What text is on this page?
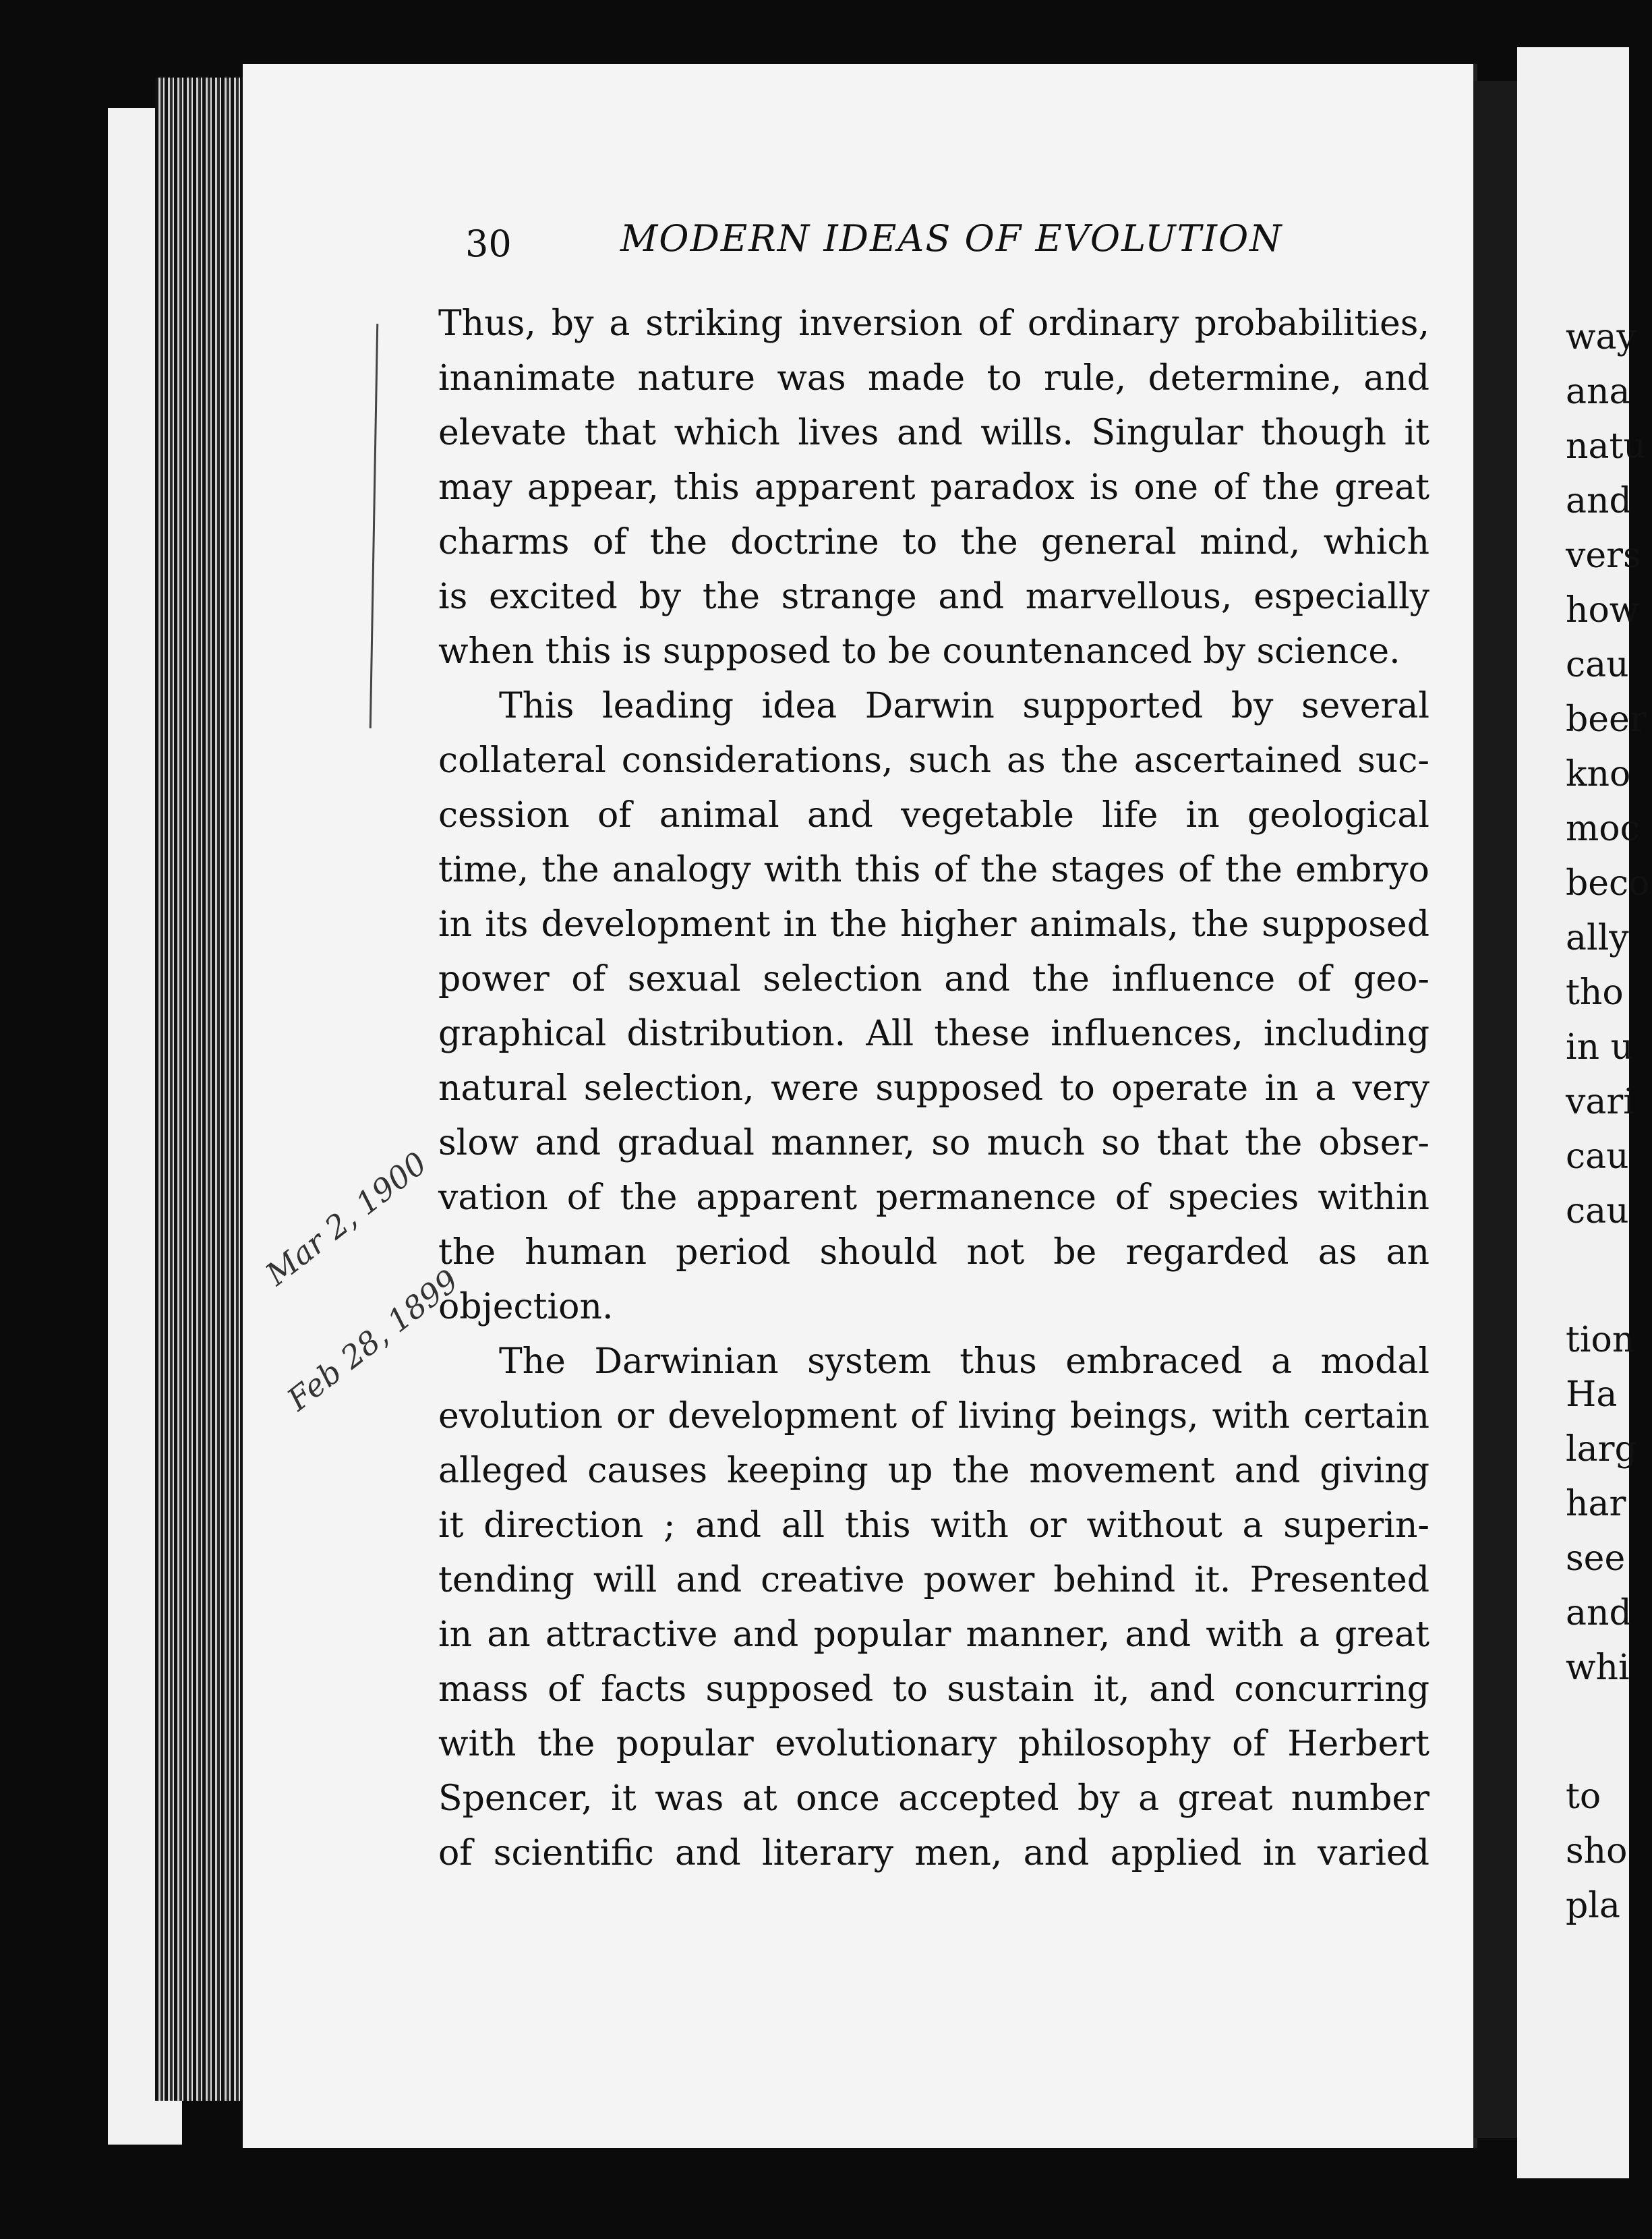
30	MODERN IDEAS OF EVOLUTION

Thus, by a striking inversion of ordinary probabilities,
inanimate nature was made to rule, determine, and
elevate that which lives and wills. Singular though it
may appear, this apparent paradox is one of the great
charms of the doctrine to the general mind, which
is excited by the strange and marvellous, especially
when this is supposed to be countenanced by science.

This leading idea Darwin supported by several
collateral considerations, such as the ascertained suc-
cession of animal and vegetable life in geological
time, the analogy with this of the stages of the embryo
in its development in the higher animals, the supposed
power of sexual selection and the influence of geo-
graphical distribution. All these influences, including
natural selection, were supposed to operate in a very
slow and gradual manner, so much so that the obser-
vation of the apparent permanence of species within
the human period should not be regarded as an
objection.

The Darwinian system thus embraced a modal
evolution or development of living beings, with certain
alleged causes keeping up the movement and giving
it direction ; and all this with or without a superin-
tending will and creative power behind it. Presented
in an attractive and popular manner, and with a great
mass of facts supposed to sustain it, and concurring
with the popular evolutionary philosophy of Herbert
Spencer, it was at once accepted by a great number
of scientific and literary men, and applied in varied

way
ana
natu
and
vers
how
cau
beer
kno
moc
beco
ally
tho
in u
vari
cau
cau
tion
Ha
larg
har
see
and
whi
to
sho
pla
Mar 2, 1900
Feb 28, 1899
